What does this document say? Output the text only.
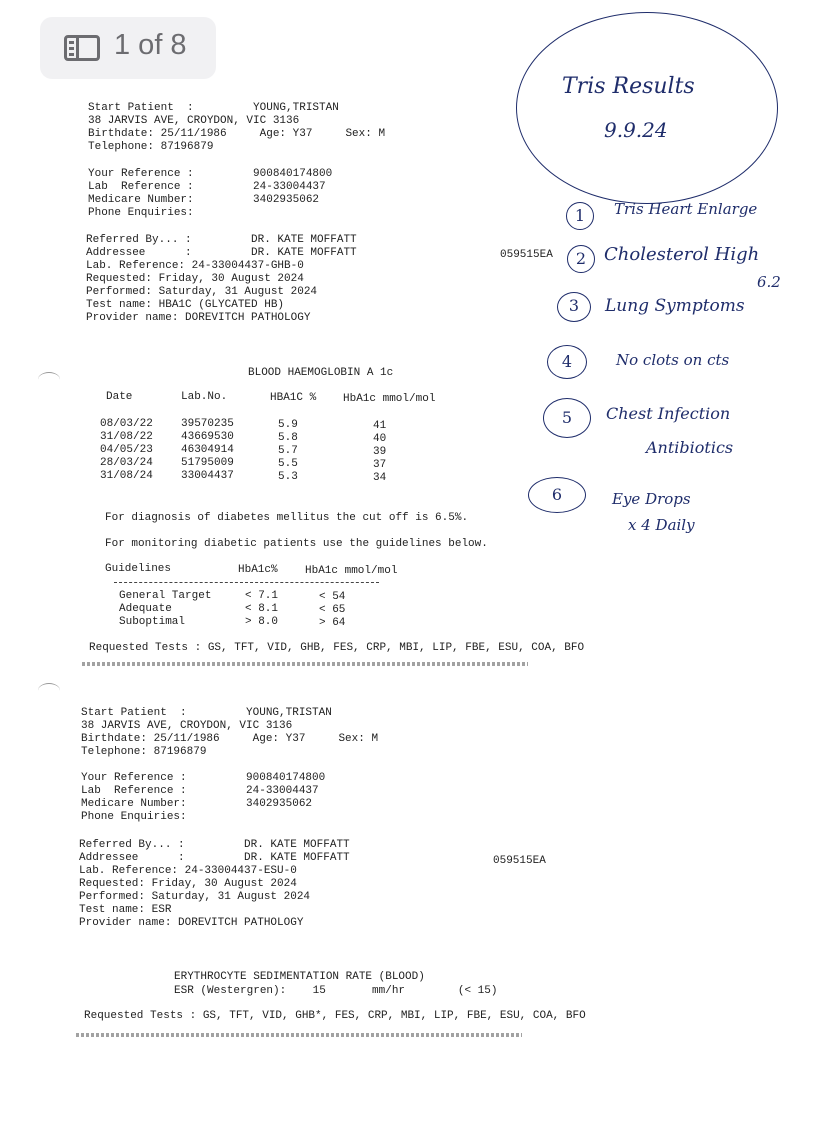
1 of 8
Start Patient  :         YOUNG,TRISTAN
38 JARVIS AVE, CROYDON, VIC 3136
Birthdate: 25/11/1986     Age: Y37     Sex: M
Telephone: 87196879
Your Reference :         900840174800
Lab  Reference :         24-33004437
Medicare Number:         3402935062
Phone Enquiries:
Referred By... :         DR. KATE MOFFATT
Addressee      :         DR. KATE MOFFATT
Lab. Reference: 24-33004437-GHB-0
Requested: Friday, 30 August 2024
Performed: Saturday, 31 August 2024
Test name: HBA1C (GLYCATED HB)
Provider name: DOREVITCH PATHOLOGY
059515EA
BLOOD HAEMOGLOBIN A 1c
Date	Lab.No.	HBA1C % HbA1c mmol/mol
08/03/22	39570235	5.9	41
31/08/22	43669530	5.8	40
04/05/23	46304914	5.7	39
28/03/24	51795009	5.5	37
31/08/24	33004437	5.3	34
For diagnosis of diabetes mellitus the cut off is 6.5%.
For monitoring diabetic patients use the guidelines below.
Guidelines	HbA1c% HbA1c mmol/mol
General Target	< 7.1	< 54
Adequate	< 8.1	< 65
Suboptimal	> 8.0	> 64
Requested Tests : GS, TFT, VID, GHB, FES, CRP, MBI, LIP, FBE, ESU, COA, BFO
Start Patient  :         YOUNG,TRISTAN
38 JARVIS AVE, CROYDON, VIC 3136
Birthdate: 25/11/1986     Age: Y37     Sex: M
Telephone: 87196879
Your Reference :         900840174800
Lab  Reference :         24-33004437
Medicare Number:         3402935062
Phone Enquiries:
Referred By... :         DR. KATE MOFFATT
Addressee      :         DR. KATE MOFFATT
Lab. Reference: 24-33004437-ESU-0
Requested: Friday, 30 August 2024
Performed: Saturday, 31 August 2024
Test name: ESR
Provider name: DOREVITCH PATHOLOGY
059515EA
ERYTHROCYTE SEDIMENTATION RATE (BLOOD)
ESR (Westergren):    15       mm/hr        (< 15)
Requested Tests : GS, TFT, VID, GHB*, FES, CRP, MBI, LIP, FBE, ESU, COA, BFO
Tris Results
9.9.24
1	Tris Heart Enlarge
2 Cholesterol High
6.2
3	Lung Symptoms
4	No clots on cts
5	Chest Infection
Antibiotics
6	Eye Drops
x 4 Daily
